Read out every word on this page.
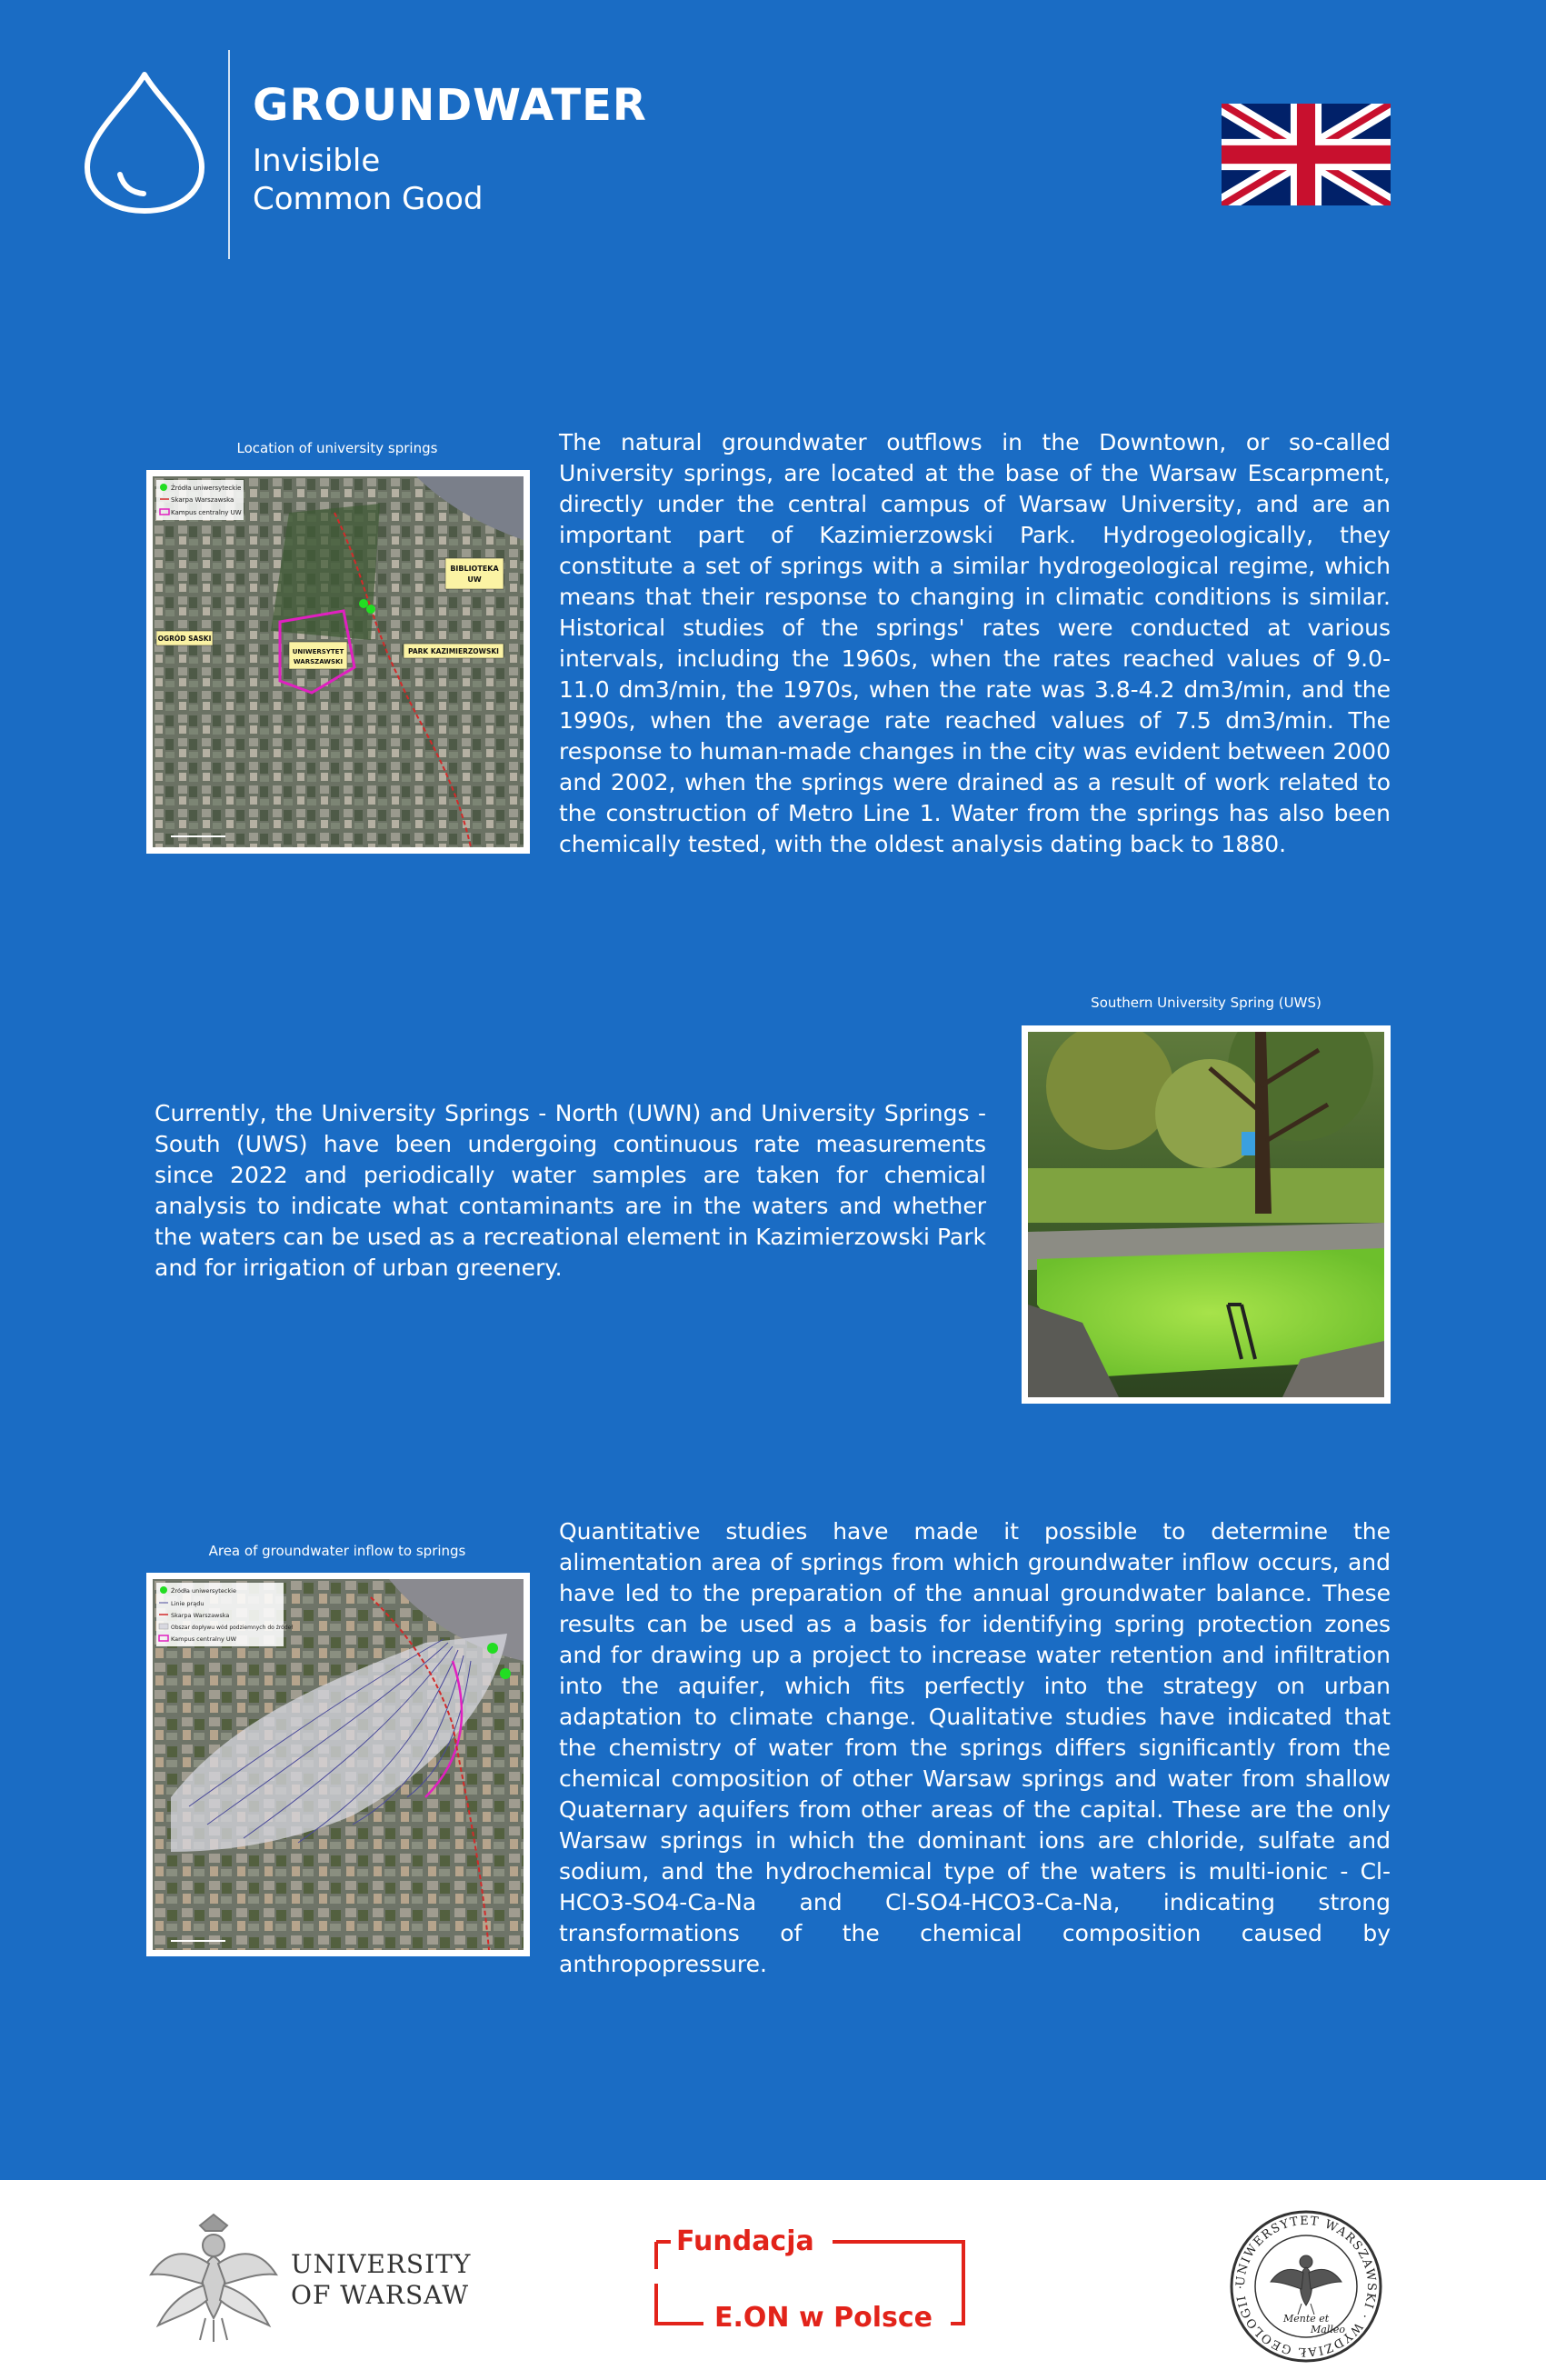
GROUNDWATER
Invisible
Common Good
Location of university springs
Źródła uniwersyteckie
Skarpa Warszawska
Kampus centralny UW
BIBLIOTEKA
UW
OGRÓD SASKI
UNIWERSYTET
WARSZAWSKI
PARK KAZIMIERZOWSKI

The natural groundwater outflows in the Downtown, or so-called University springs, are located at the base of the Warsaw Escarpment, directly under the central campus of Warsaw University, and are an important part of Kazimierzowski Park. Hydrogeologically, they constitute a set of springs with a similar hydrogeological regime, which means that their response to changing in climatic conditions is similar. Historical studies of the springs' rates were conducted at various intervals, including the 1960s, when the rates reached values of 9.0-11.0 dm3/min, the 1970s, when the rate was 3.8-4.2 dm3/min, and the 1990s, when the average rate reached values of 7.5 dm3/min. The response to human-made changes in the city was evident between 2000 and 2002, when the springs were drained as a result of work related to the construction of Metro Line 1. Water from the springs has also been chemically tested, with the oldest analysis dating back to 1880.

Currently, the University Springs - North (UWN) and University Springs - South (UWS) have been undergoing continuous rate measurements since 2022 and periodically water samples are taken for chemical analysis to indicate what contaminants are in the waters and whether the waters can be used as a recreational element in Kazimierzowski Park and for irrigation of urban greenery.

Southern University Spring (UWS)
Area of groundwater inflow to springs
Źródła uniwersyteckie
Linie prądu
Skarpa Warszawska
Obszar dopływu wód podziemnych do źródeł
Kampus centralny UW

Quantitative studies have made it possible to determine the alimentation area of springs from which groundwater inflow occurs, and have led to the preparation of the annual groundwater balance. These results can be used as a basis for identifying spring protection zones and for drawing up a project to increase water retention and infiltration into the aquifer, which fits perfectly into the strategy on urban adaptation to climate change. Qualitative studies have indicated that the chemistry of water from the springs differs significantly from the chemical composition of other Warsaw springs and water from shallow Quaternary aquifers from other areas of the capital. These are the only Warsaw springs in which the dominant ions are chloride, sulfate and sodium, and the hydrochemical type of the waters is multi-ionic - Cl-HCO3-SO4-Ca-Na and Cl-SO4-HCO3-Ca-Na, indicating strong transformations of the chemical composition caused by anthropopressure.

UNIVERSITY
OF WARSAW
Fundacja
E.ON w Polsce
UNIWERSYTET WARSZAWSKI · WYDZIAŁ GEOLOGII ·
Mente et
Malleo
